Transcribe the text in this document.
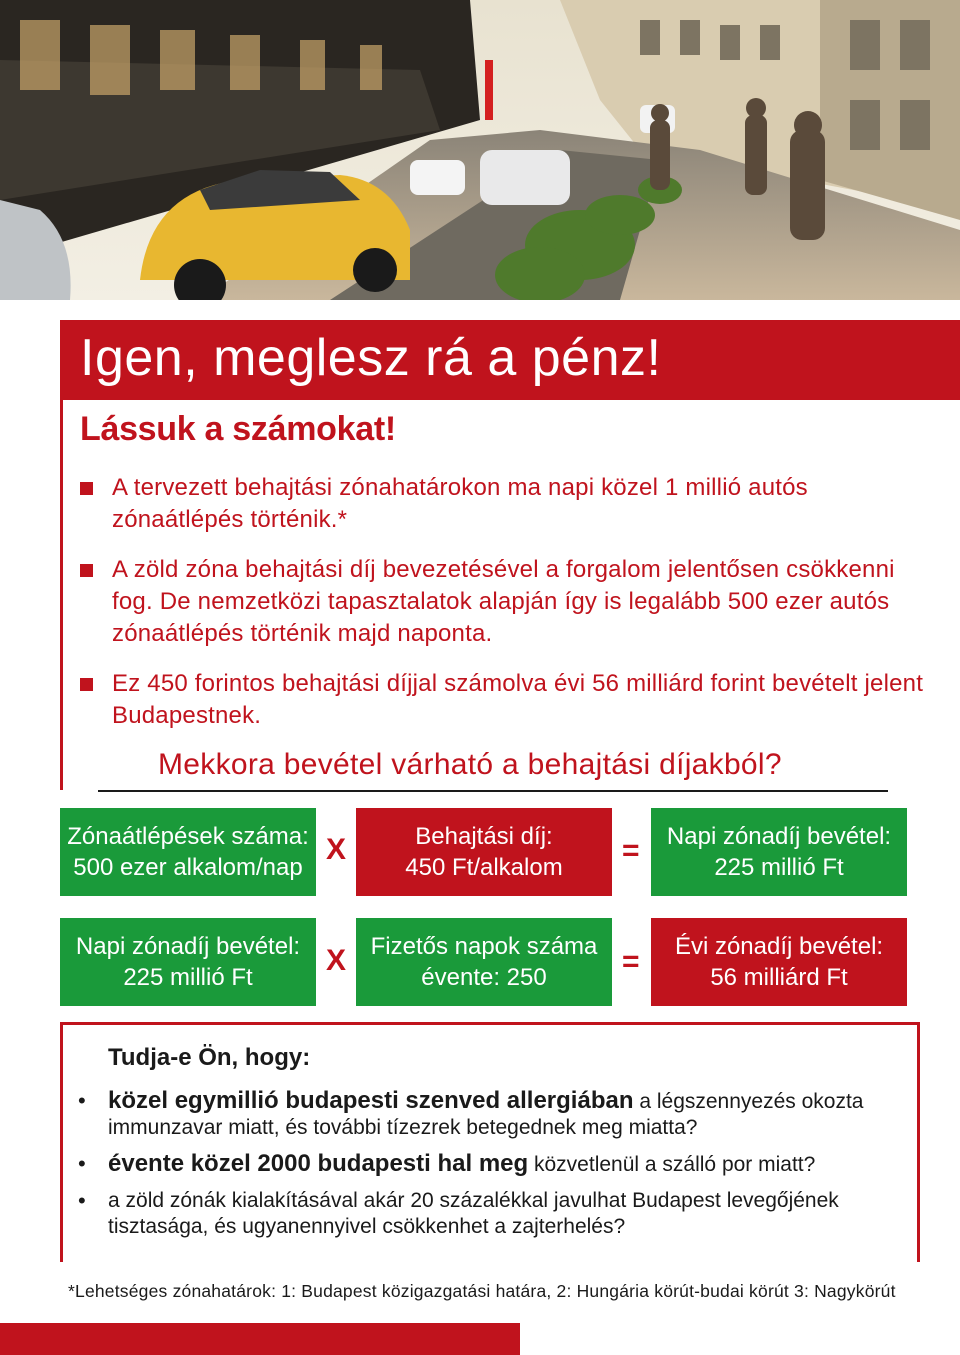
Igen, meglesz rá a pénz!
Lássuk a számokat!
A tervezett behajtási zónahatárokon ma napi közel 1 millió autós zónaátlépés történik.*
A zöld zóna behajtási díj bevezetésével a forgalom jelentősen csökkenni fog. De nemzetközi tapasztalatok alapján így is legalább 500 ezer autós zónaátlépés történik majd naponta.
Ez 450 forintos behajtási díjjal számolva évi 56 milliárd forint bevételt jelent Budapestnek.
Mekkora bevétel várható a behajtási díjakból?
Zónaátlépések száma:
500 ezer alkalom/nap
X	Behajtási díj:
450 Ft/alkalom
= Napi zónadíj bevétel:
225 millió Ft
Napi zónadíj bevétel:
225 millió Ft
X Fizetős napok száma
évente: 250	= Évi zónadíj bevétel:
56 milliárd Ft
Tudja-e Ön, hogy:
• közel egymillió budapesti szenved allergiában a légszennyezés okozta immunzavar miatt, és további tízezrek betegednek meg miatta?
• évente közel 2000 budapesti hal meg közvetlenül a szálló por miatt?
• a zöld zónák kialakításával akár 20 százalékkal javulhat Budapest levegőjének tisztasága, és ugyanennyivel csökkenhet a zajterhelés?

*Lehetséges zónahatárok: 1: Budapest közigazgatási határa, 2: Hungária körút-budai körút 3: Nagykörút
